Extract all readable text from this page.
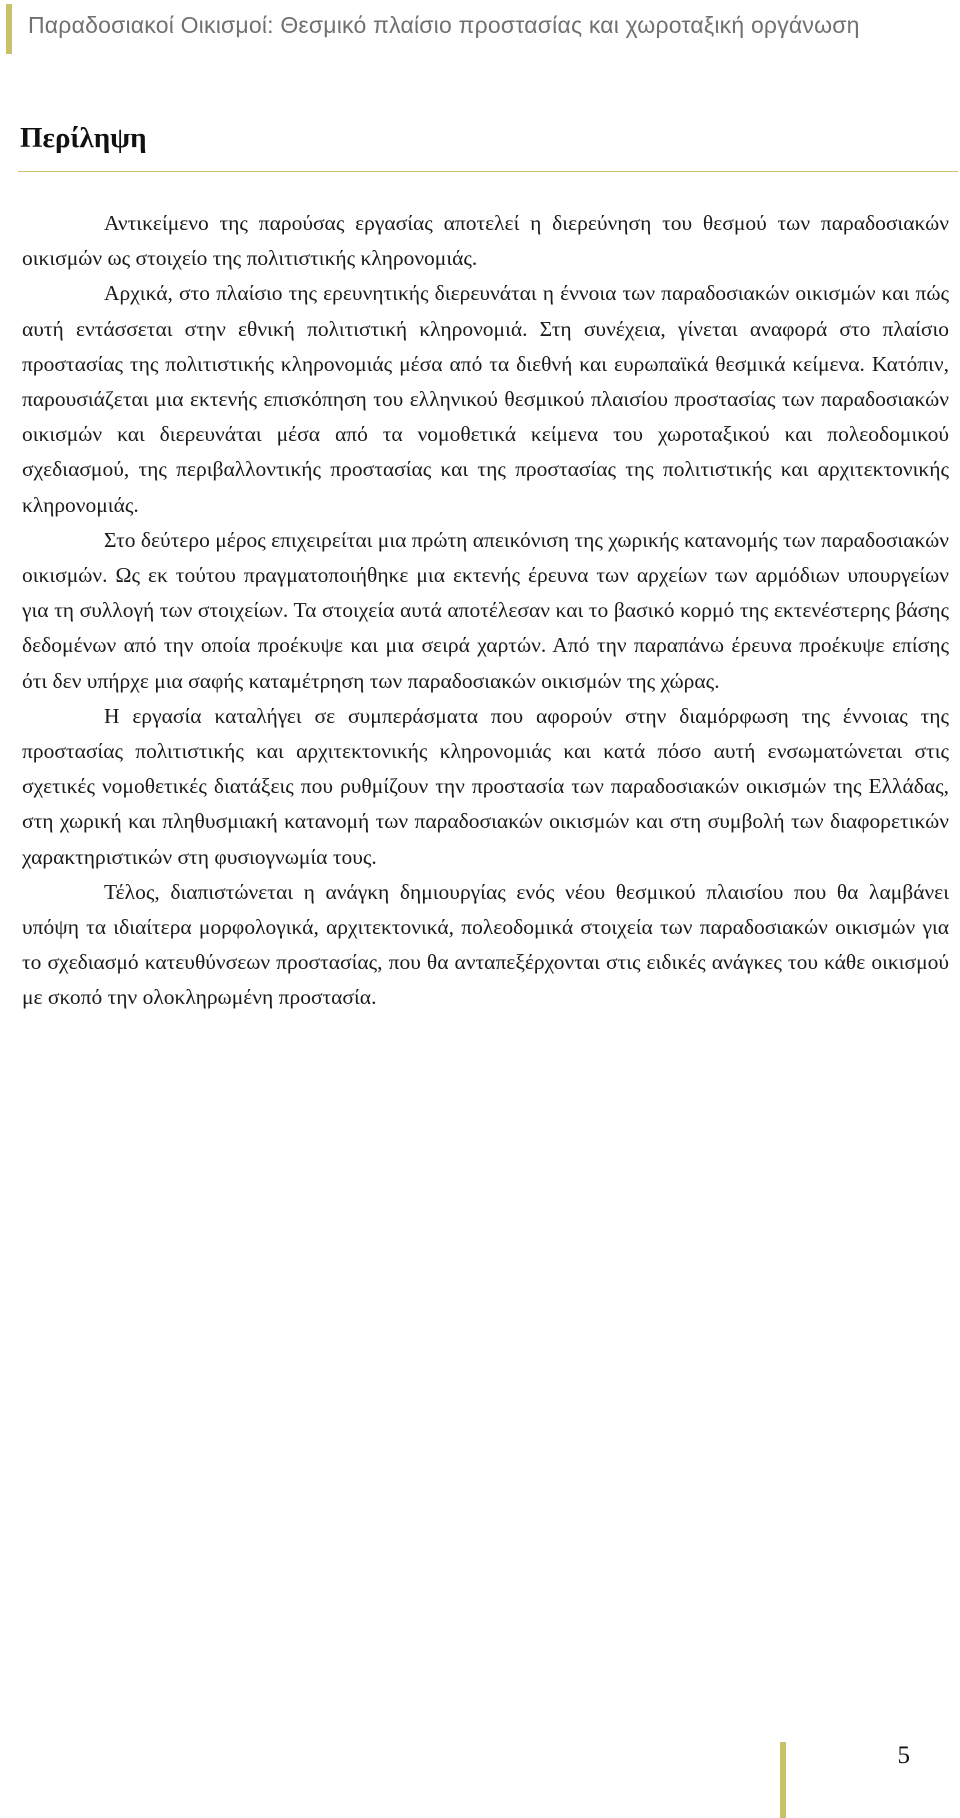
Παραδοσιακοί Οικισμοί: Θεσμικό πλαίσιο προστασίας και χωροταξική οργάνωση
Περίληψη

Αντικείμενο της παρούσας εργασίας αποτελεί η διερεύνηση του θεσμού των παραδοσιακών οικισμών ως στοιχείο της πολιτιστικής κληρονομιάς.

Αρχικά, στο πλαίσιο της ερευνητικής διερευνάται η έννοια των παραδοσιακών οικισμών και πώς αυτή εντάσσεται στην εθνική πολιτιστική κληρονομιά. Στη συνέχεια, γίνεται αναφορά στο πλαίσιο προστασίας της πολιτιστικής κληρονομιάς μέσα από τα διεθνή και ευρωπαϊκά θεσμικά κείμενα. Κατόπιν, παρουσιάζεται μια εκτενής επισκόπηση του ελληνικού θεσμικού πλαισίου προστασίας των παραδοσιακών οικισμών και διερευνάται μέσα από τα νομοθετικά κείμενα του χωροταξικού και πολεοδομικού σχεδιασμού, της περιβαλλοντικής προστασίας και της προστασίας της πολιτιστικής και αρχιτεκτονικής κληρονομιάς.

Στο δεύτερο μέρος επιχειρείται μια πρώτη απεικόνιση της χωρικής κατανομής των παραδοσιακών οικισμών. Ως εκ τούτου πραγματοποιήθηκε μια εκτενής έρευνα των αρχείων των αρμόδιων υπουργείων για τη συλλογή των στοιχείων. Τα στοιχεία αυτά αποτέλεσαν και το βασικό κορμό της εκτενέστερης βάσης δεδομένων από την οποία προέκυψε και μια σειρά χαρτών. Από την παραπάνω έρευνα προέκυψε επίσης ότι δεν υπήρχε μια σαφής καταμέτρηση των παραδοσιακών οικισμών της χώρας.

Η εργασία καταλήγει σε συμπεράσματα που αφορούν στην διαμόρφωση της έννοιας της προστασίας πολιτιστικής και αρχιτεκτονικής κληρονομιάς και κατά πόσο αυτή ενσωματώνεται στις σχετικές νομοθετικές διατάξεις που ρυθμίζουν την προστασία των παραδοσιακών οικισμών της Ελλάδας, στη χωρική και πληθυσμιακή κατανομή των παραδοσιακών οικισμών και στη συμβολή των διαφορετικών χαρακτηριστικών στη φυσιογνωμία τους.

Τέλος, διαπιστώνεται η ανάγκη δημιουργίας ενός νέου θεσμικού πλαισίου που θα λαμβάνει υπόψη τα ιδιαίτερα μορφολογικά, αρχιτεκτονικά, πολεοδομικά στοιχεία των παραδοσιακών οικισμών για το σχεδιασμό κατευθύνσεων προστασίας, που θα ανταπεξέρχονται στις ειδικές ανάγκες του κάθε οικισμού με σκοπό την ολοκληρωμένη προστασία.

5
